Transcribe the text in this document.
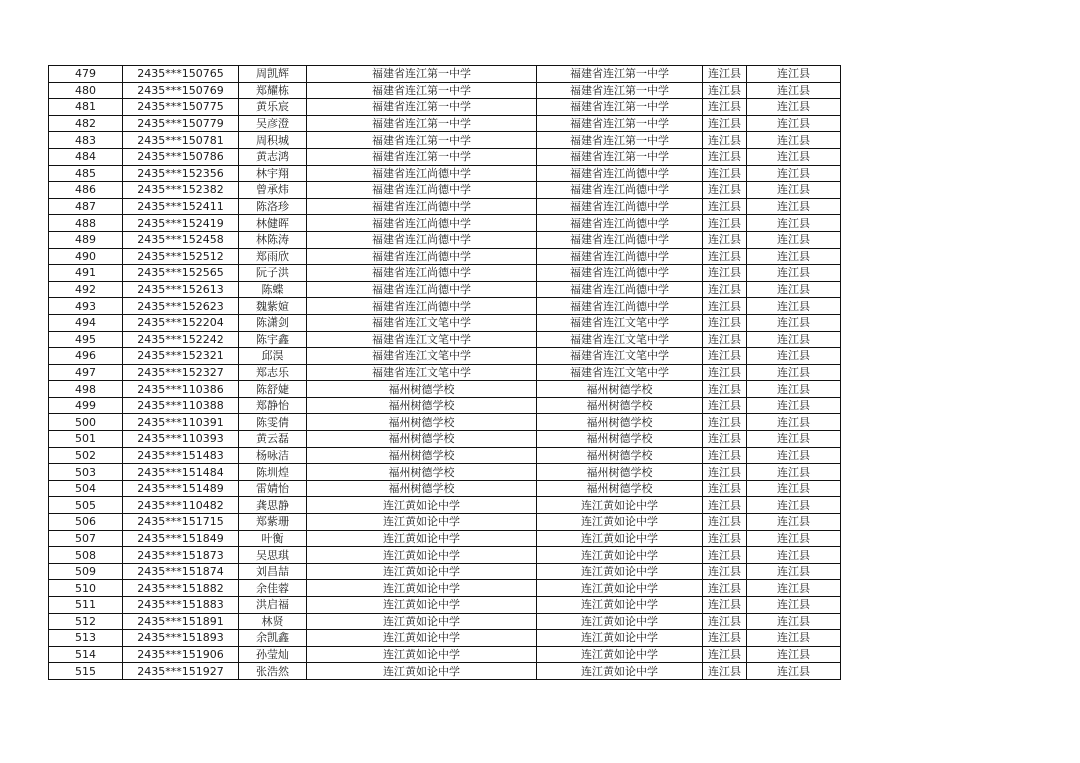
479	2435***150765	周凯辉	福建省连江第一中学	福建省连江第一中学	连江县	连江县
480	2435***150769	郑耀栋	福建省连江第一中学	福建省连江第一中学	连江县	连江县
481	2435***150775	黄乐宸	福建省连江第一中学	福建省连江第一中学	连江县	连江县
482	2435***150779	吴彦澄	福建省连江第一中学	福建省连江第一中学	连江县	连江县
483	2435***150781	周积城	福建省连江第一中学	福建省连江第一中学	连江县	连江县
484	2435***150786	黄志鸿	福建省连江第一中学	福建省连江第一中学	连江县	连江县
485	2435***152356	林宇翔	福建省连江尚德中学	福建省连江尚德中学	连江县	连江县
486	2435***152382	曾承炜	福建省连江尚德中学	福建省连江尚德中学	连江县	连江县
487	2435***152411	陈洛珍	福建省连江尚德中学	福建省连江尚德中学	连江县	连江县
488	2435***152419	林健晖	福建省连江尚德中学	福建省连江尚德中学	连江县	连江县
489	2435***152458	林陈涛	福建省连江尚德中学	福建省连江尚德中学	连江县	连江县
490	2435***152512	郑雨欣	福建省连江尚德中学	福建省连江尚德中学	连江县	连江县
491	2435***152565	阮子洪	福建省连江尚德中学	福建省连江尚德中学	连江县	连江县
492	2435***152613	陈蝶	福建省连江尚德中学	福建省连江尚德中学	连江县	连江县
493	2435***152623	魏紫媗	福建省连江尚德中学	福建省连江尚德中学	连江县	连江县
494	2435***152204	陈潇剑	福建省连江文笔中学	福建省连江文笔中学	连江县	连江县
495	2435***152242	陈宇鑫	福建省连江文笔中学	福建省连江文笔中学	连江县	连江县
496	2435***152321	邱淏	福建省连江文笔中学	福建省连江文笔中学	连江县	连江县
497	2435***152327	郑志乐	福建省连江文笔中学	福建省连江文笔中学	连江县	连江县
498	2435***110386	陈舒婕	福州树德学校	福州树德学校	连江县	连江县
499	2435***110388	郑静怡	福州树德学校	福州树德学校	连江县	连江县
500	2435***110391	陈雯倩	福州树德学校	福州树德学校	连江县	连江县
501	2435***110393	黄云磊	福州树德学校	福州树德学校	连江县	连江县
502	2435***151483	杨咏洁	福州树德学校	福州树德学校	连江县	连江县
503	2435***151484	陈圳煌	福州树德学校	福州树德学校	连江县	连江县
504	2435***151489	雷婧怡	福州树德学校	福州树德学校	连江县	连江县
505	2435***110482	龚思静	连江黄如论中学	连江黄如论中学	连江县	连江县
506	2435***151715	郑紫珊	连江黄如论中学	连江黄如论中学	连江县	连江县
507	2435***151849	叶衡	连江黄如论中学	连江黄如论中学	连江县	连江县
508	2435***151873	吴思琪	连江黄如论中学	连江黄如论中学	连江县	连江县
509	2435***151874	刘昌喆	连江黄如论中学	连江黄如论中学	连江县	连江县
510	2435***151882	余佳蓉	连江黄如论中学	连江黄如论中学	连江县	连江县
511	2435***151883	洪启福	连江黄如论中学	连江黄如论中学	连江县	连江县
512	2435***151891	林贤	连江黄如论中学	连江黄如论中学	连江县	连江县
513	2435***151893	余凯鑫	连江黄如论中学	连江黄如论中学	连江县	连江县
514	2435***151906	孙莹灿	连江黄如论中学	连江黄如论中学	连江县	连江县
515	2435***151927	张浩然	连江黄如论中学	连江黄如论中学	连江县	连江县
